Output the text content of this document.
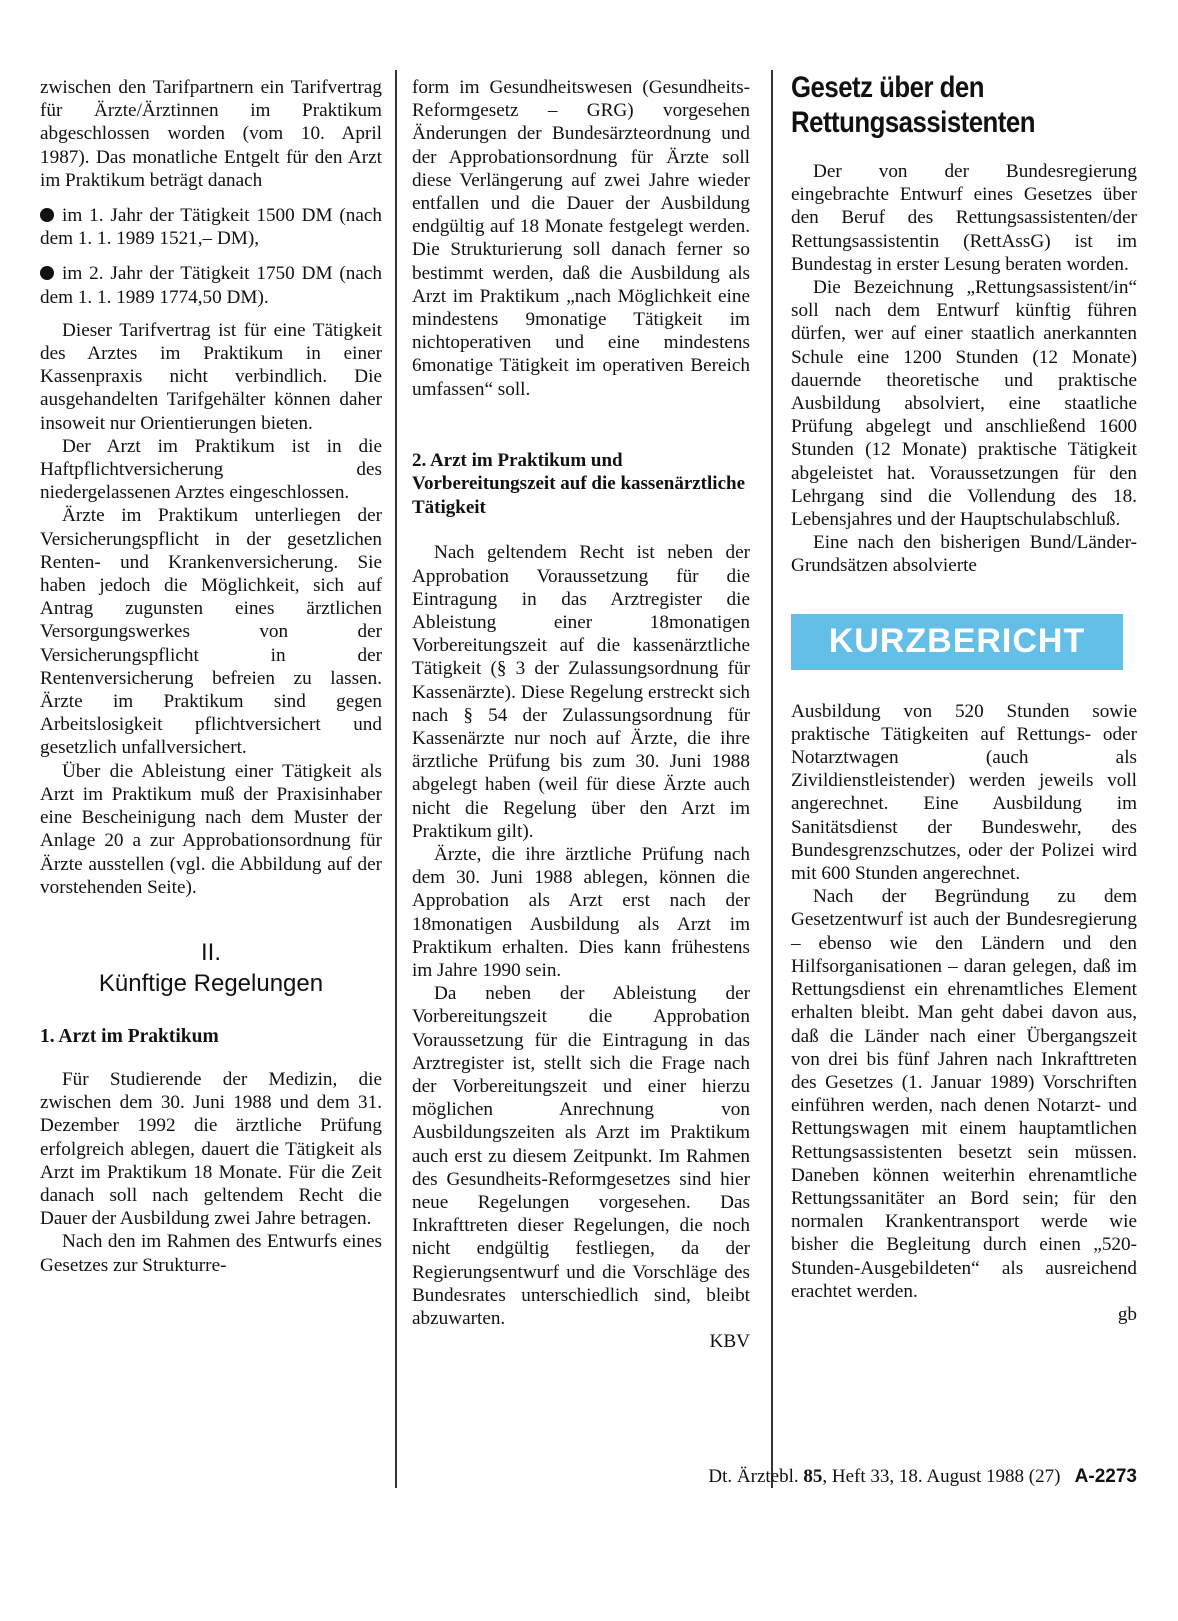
zwischen den Tarifpartnern ein Tarifvertrag für Ärzte/Ärztinnen im Praktikum abgeschlossen worden (vom 10. April 1987). Das monatliche Entgelt für den Arzt im Praktikum beträgt danach

im 1. Jahr der Tätigkeit 1500 DM (nach dem 1. 1. 1989 1521,– DM),

im 2. Jahr der Tätigkeit 1750 DM (nach dem 1. 1. 1989 1774,50 DM).

Dieser Tarifvertrag ist für eine Tätigkeit des Arztes im Praktikum in einer Kassenpraxis nicht verbindlich. Die ausgehandelten Tarifgehälter können daher insoweit nur Orientierungen bieten.

Der Arzt im Praktikum ist in die Haftpflichtversicherung des niedergelassenen Arztes eingeschlossen.

Ärzte im Praktikum unterliegen der Versicherungspflicht in der gesetzlichen Renten- und Krankenversicherung. Sie haben jedoch die Möglichkeit, sich auf Antrag zugunsten eines ärztlichen Versorgungswerkes von der Versicherungspflicht in der Rentenversicherung befreien zu lassen. Ärzte im Praktikum sind gegen Arbeitslosigkeit pflichtversichert und gesetzlich unfallversichert.

Über die Ableistung einer Tätigkeit als Arzt im Praktikum muß der Praxisinhaber eine Bescheinigung nach dem Muster der Anlage 20 a zur Approbationsordnung für Ärzte ausstellen (vgl. die Abbildung auf der vorstehenden Seite).

II.
Künftige Regelungen
1. Arzt im Praktikum

Für Studierende der Medizin, die zwischen dem 30. Juni 1988 und dem 31. Dezember 1992 die ärztliche Prüfung erfolgreich ablegen, dauert die Tätigkeit als Arzt im Praktikum 18 Monate. Für die Zeit danach soll nach geltendem Recht die Dauer der Ausbildung zwei Jahre betragen.

Nach den im Rahmen des Entwurfs eines Gesetzes zur Strukturre-

form im Gesundheitswesen (Gesundheits-Reformgesetz – GRG) vorgesehen Änderungen der Bundesärzteordnung und der Approbationsordnung für Ärzte soll diese Verlängerung auf zwei Jahre wieder entfallen und die Dauer der Ausbildung endgültig auf 18 Monate festgelegt werden. Die Strukturierung soll danach ferner so bestimmt werden, daß die Ausbildung als Arzt im Praktikum „nach Möglichkeit eine mindestens 9monatige Tätigkeit im nichtoperativen und eine mindestens 6monatige Tätigkeit im operativen Bereich umfassen“ soll.

2. Arzt im Praktikum und Vorbereitungszeit auf die kassenärztliche Tätigkeit

Nach geltendem Recht ist neben der Approbation Voraussetzung für die Eintragung in das Arztregister die Ableistung einer 18monatigen Vorbereitungszeit auf die kassenärztliche Tätigkeit (§ 3 der Zulassungsordnung für Kassenärzte). Diese Regelung erstreckt sich nach § 54 der Zulassungsordnung für Kassenärzte nur noch auf Ärzte, die ihre ärztliche Prüfung bis zum 30. Juni 1988 abgelegt haben (weil für diese Ärzte auch nicht die Regelung über den Arzt im Praktikum gilt).

Ärzte, die ihre ärztliche Prüfung nach dem 30. Juni 1988 ablegen, können die Approbation als Arzt erst nach der 18monatigen Ausbildung als Arzt im Praktikum erhalten. Dies kann frühestens im Jahre 1990 sein.

Da neben der Ableistung der Vorbereitungszeit die Approbation Voraussetzung für die Eintragung in das Arztregister ist, stellt sich die Frage nach der Vorbereitungszeit und einer hierzu möglichen Anrechnung von Ausbildungszeiten als Arzt im Praktikum auch erst zu diesem Zeitpunkt. Im Rahmen des Gesundheits-Reformgesetzes sind hier neue Regelungen vorgesehen. Das Inkrafttreten dieser Regelungen, die noch nicht endgültig festliegen, da der Regierungsentwurf und die Vorschläge des Bundesrates unterschiedlich sind, bleibt abzuwarten.

KBV
Gesetz über den Rettungsassistenten

Der von der Bundesregierung eingebrachte Entwurf eines Gesetzes über den Beruf des Rettungsassistenten/der Rettungsassistentin (RettAssG) ist im Bundestag in erster Lesung beraten worden.

Die Bezeichnung „Rettungsassistent/in“ soll nach dem Entwurf künftig führen dürfen, wer auf einer staatlich anerkannten Schule eine 1200 Stunden (12 Monate) dauernde theoretische und praktische Ausbildung absolviert, eine staatliche Prüfung abgelegt und anschließend 1600 Stunden (12 Monate) praktische Tätigkeit abgeleistet hat. Voraussetzungen für den Lehrgang sind die Vollendung des 18. Lebensjahres und der Hauptschulabschluß.

Eine nach den bisherigen Bund/Länder-Grundsätzen absolvierte

KURZBERICHT

Ausbildung von 520 Stunden sowie praktische Tätigkeiten auf Rettungs- oder Notarztwagen (auch als Zivildienstleistender) werden jeweils voll angerechnet. Eine Ausbildung im Sanitätsdienst der Bundeswehr, des Bundesgrenzschutzes, oder der Polizei wird mit 600 Stunden angerechnet.

Nach der Begründung zu dem Gesetzentwurf ist auch der Bundesregierung – ebenso wie den Ländern und den Hilfsorganisationen – daran gelegen, daß im Rettungsdienst ein ehrenamtliches Element erhalten bleibt. Man geht dabei davon aus, daß die Länder nach einer Übergangszeit von drei bis fünf Jahren nach Inkrafttreten des Gesetzes (1. Januar 1989) Vorschriften einführen werden, nach denen Notarzt- und Rettungswagen mit einem hauptamtlichen Rettungsassistenten besetzt sein müssen. Daneben können weiterhin ehrenamtliche Rettungssanitäter an Bord sein; für den normalen Krankentransport werde wie bisher die Begleitung durch einen „520-Stunden-Ausgebildeten“ als ausreichend erachtet werden.

gb
Dt. Ärztebl. 85, Heft 33, 18. August 1988 (27) A-2273
